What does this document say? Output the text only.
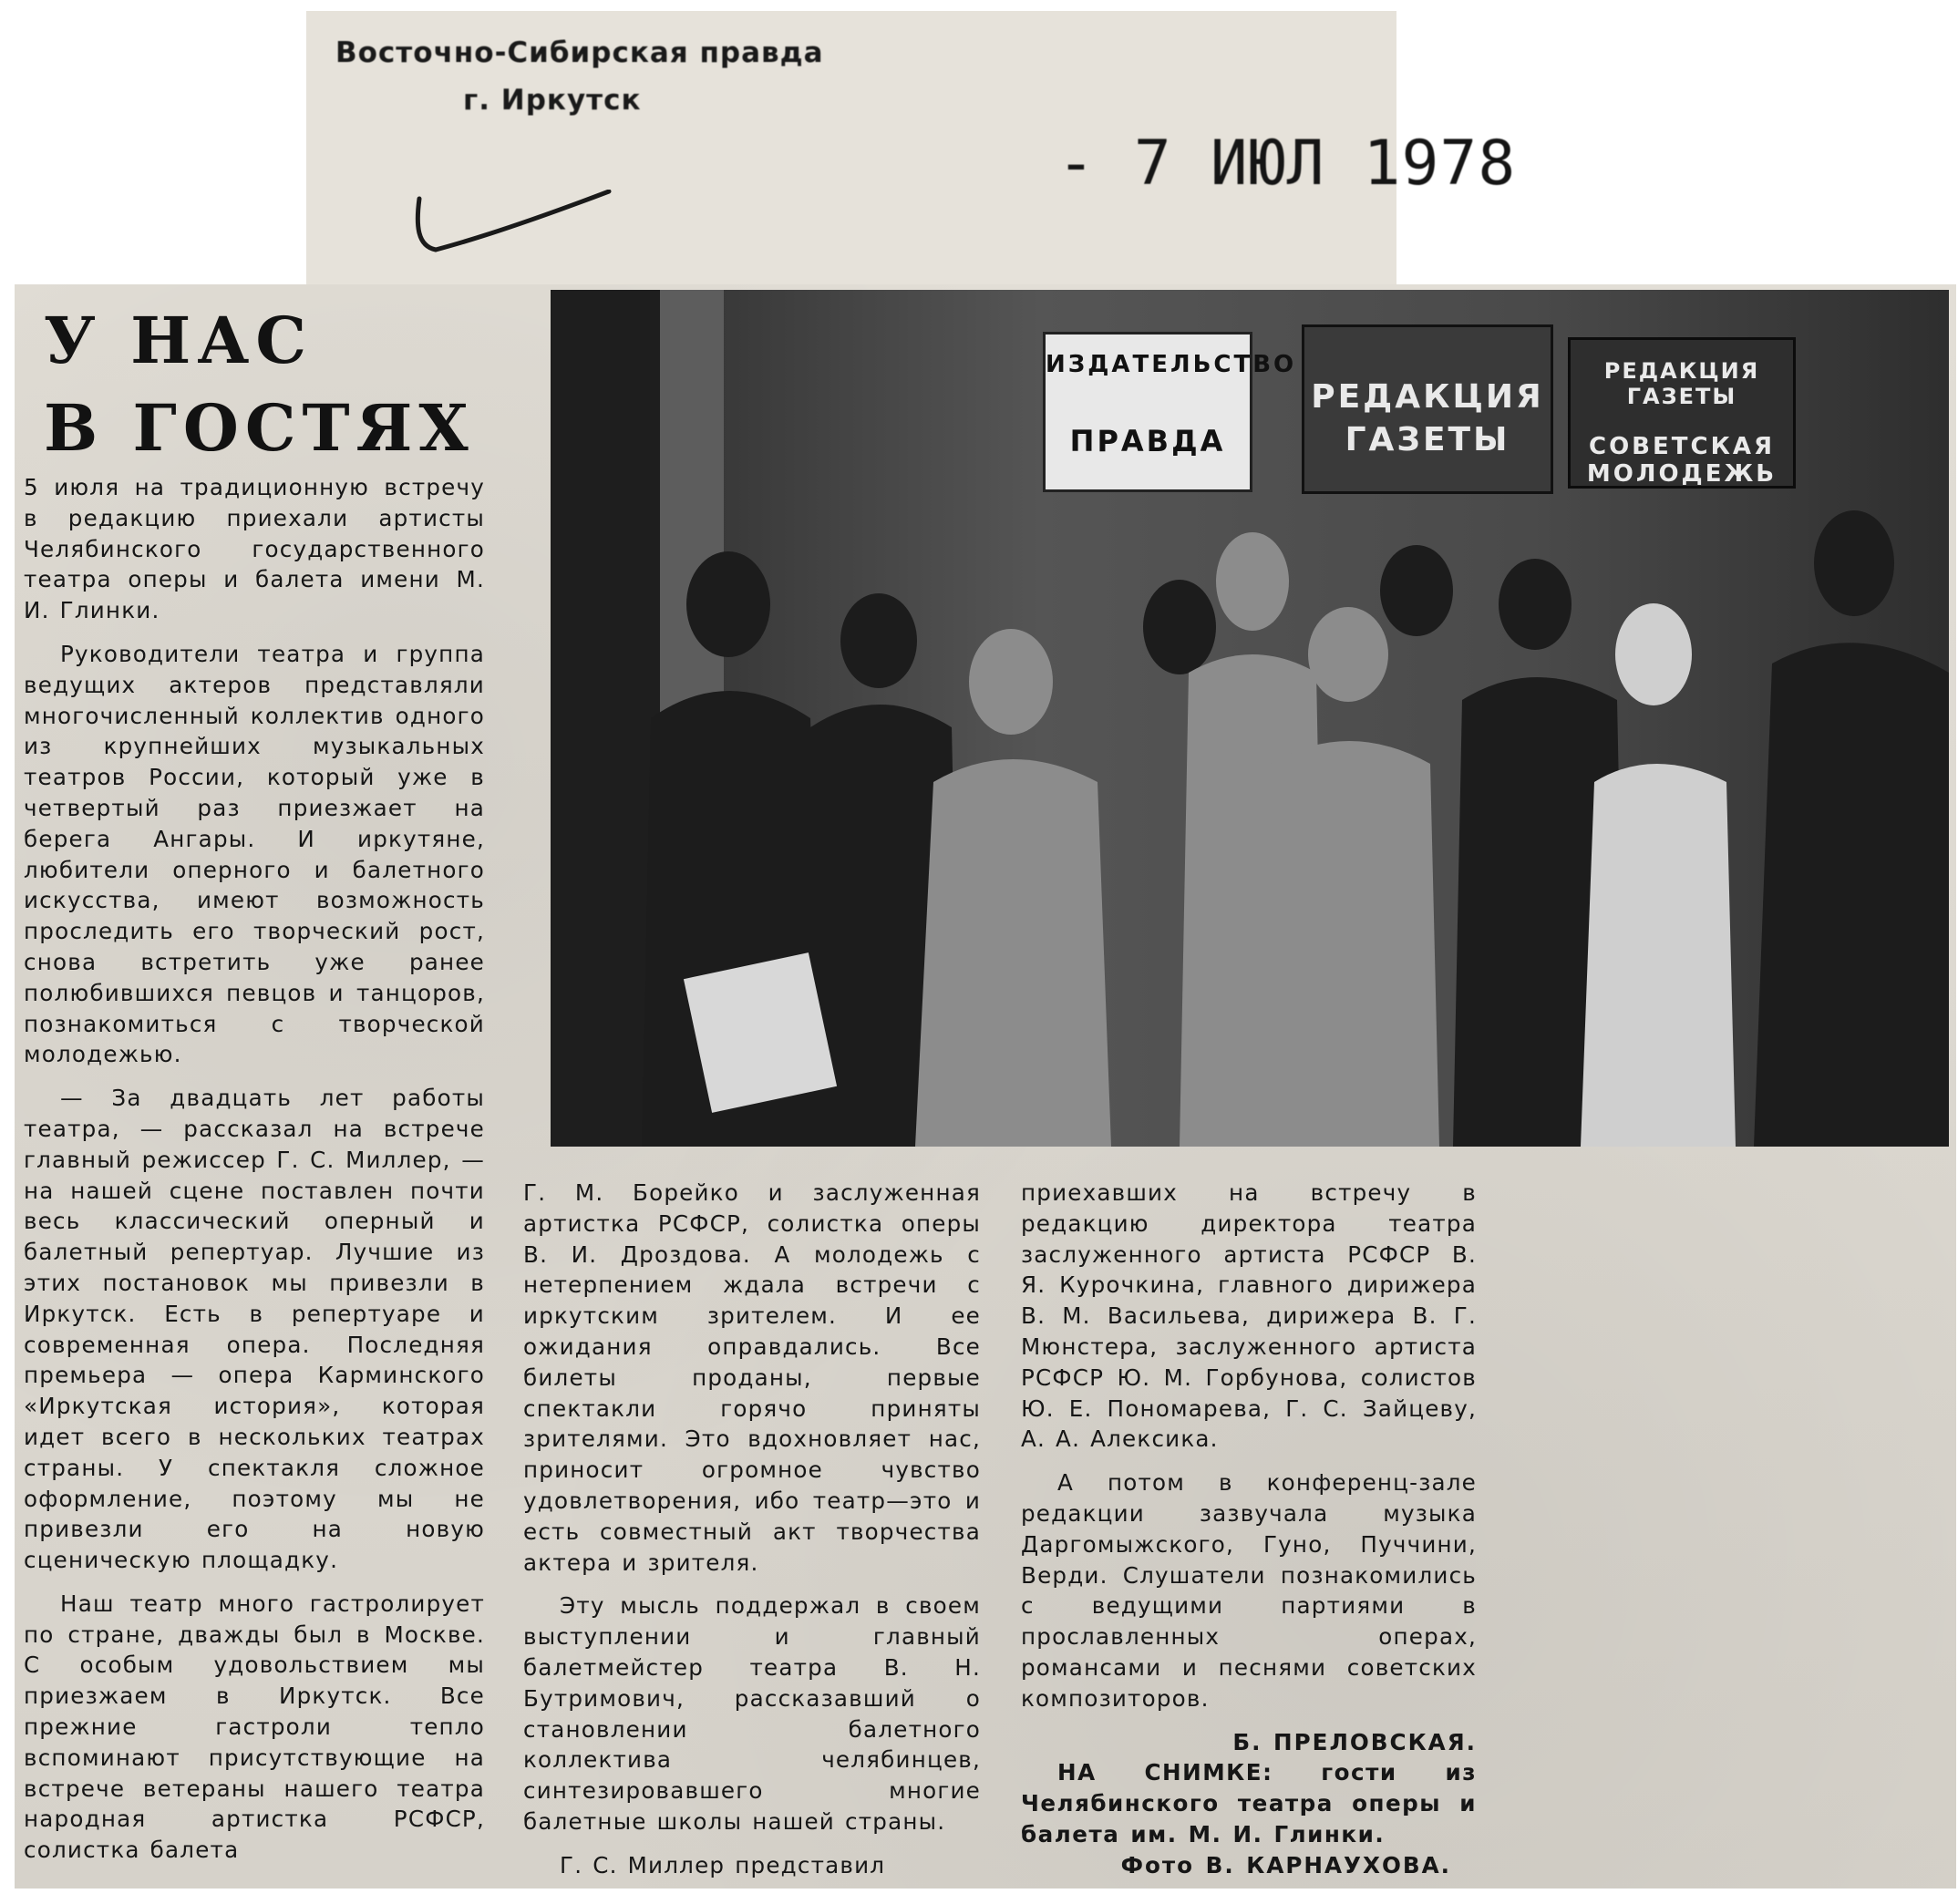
Восточно-Сибирская правда
г. Иркутск
- 7 ИЮЛ 1978
У НАС
В ГОСТЯХ

5 июля на традиционную встречу в редакцию приехали артисты Челябинского государственного театра оперы и балета имени М. И. Глинки.

Руководители театра и группа ведущих актеров представляли многочисленный коллектив одного из крупнейших музыкальных театров России, который уже в четвертый раз приезжает на берега Ангары. И иркутяне, любители оперного и балетного искусства, имеют возможность проследить его творческий рост, снова встретить уже ранее полюбившихся певцов и танцоров, познакомиться с творческой молодежью.

— За двадцать лет работы театра, — рассказал на встрече главный режиссер Г. С. Миллер, — на нашей сцене поставлен почти весь классический оперный и балетный репертуар. Лучшие из этих постановок мы привезли в Иркутск. Есть в репертуаре и современная опера. Последняя премьера — опера Карминского «Иркутская история», которая идет всего в нескольких театрах страны. У спектакля сложное оформление, поэтому мы не привезли его на новую сценическую площадку.

Наш театр много гастролирует по стране, дважды был в Москве. С особым удовольствием мы приезжаем в Иркутск. Все прежние гастроли тепло вспоминают присутствующие на встрече ветераны нашего театра народная артистка РСФСР, солистка балета

Г. М. Борейко и заслуженная артистка РСФСР, солистка оперы В. И. Дроздова. А молодежь с нетерпением ждала встречи с иркутским зрителем. И ее ожидания оправдались. Все билеты проданы, первые спектакли горячо приняты зрителями. Это вдохновляет нас, приносит огромное чувство удовлетворения, ибо театр—это и есть совместный акт творчества актера и зрителя.

Эту мысль поддержал в своем выступлении и главный балетмейстер театра В. Н. Бутримович, рассказавший о становлении балетного коллектива челябинцев, синтезировавшего многие балетные школы нашей страны.

Г. С. Миллер представил

приехавших на встречу в редакцию директора театра заслуженного артиста РСФСР В. Я. Курочкина, главного дирижера В. М. Васильева, дирижера В. Г. Мюнстера, заслуженного артиста РСФСР Ю. М. Горбунова, солистов Ю. Е. Пономарева, Г. С. Зайцеву, А. А. Алексика.

А потом в конференц-зале редакции зазвучала музыка Даргомыжского, Гуно, Пуччини, Верди. Слушатели познакомились с ведущими партиями в прославленных операх, романсами и песнями советских композиторов.

Б. ПРЕЛОВСКАЯ.

НА СНИМКЕ: гости из Челябинского театра оперы и балета им. М. И. Глинки.

Фото В. КАРНАУХОВА.

ИЗДАТЕЛЬСТВО
ПРАВДА
РЕДАКЦИЯ
ГАЗЕТЫ
РЕДАКЦИЯ ГАЗЕТЫ
СОВЕТСКАЯ МОЛОДЕЖЬ
